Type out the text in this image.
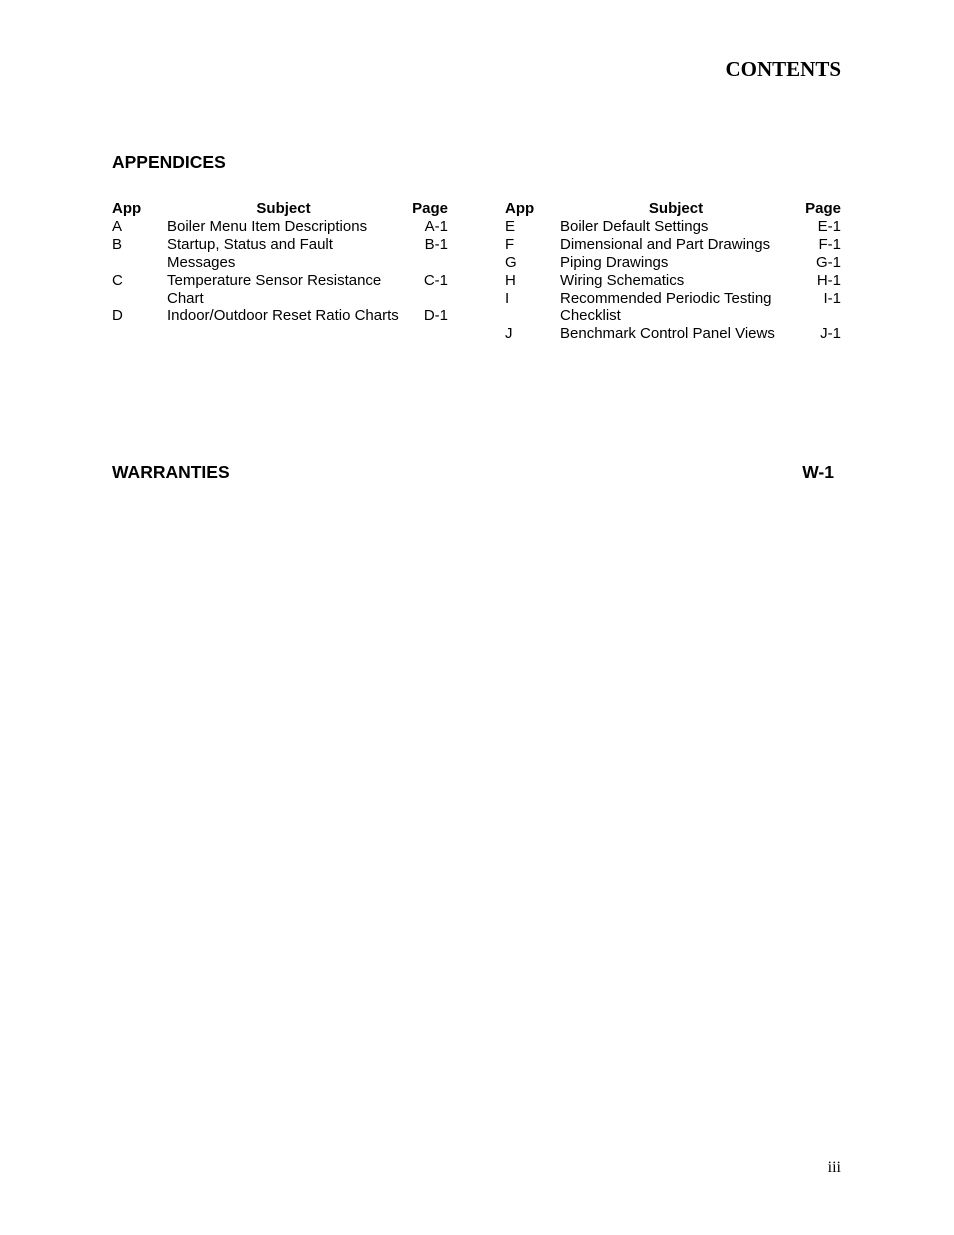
CONTENTS
APPENDICES
App	Subject	Page
A	Boiler Menu Item Descriptions	A-1
B	Startup, Status and Fault Messages	B-1
C	Temperature Sensor Resistance Chart	C-1
D	Indoor/Outdoor Reset Ratio Charts	D-1
App	Subject	Page
E	Boiler Default Settings	E-1
F	Dimensional and Part Drawings	F-1
G	Piping Drawings	G-1
H	Wiring Schematics	H-1
I	Recommended Periodic Testing Checklist	I-1
J	Benchmark Control Panel Views	J-1
WARRANTIES	W-1
iii
